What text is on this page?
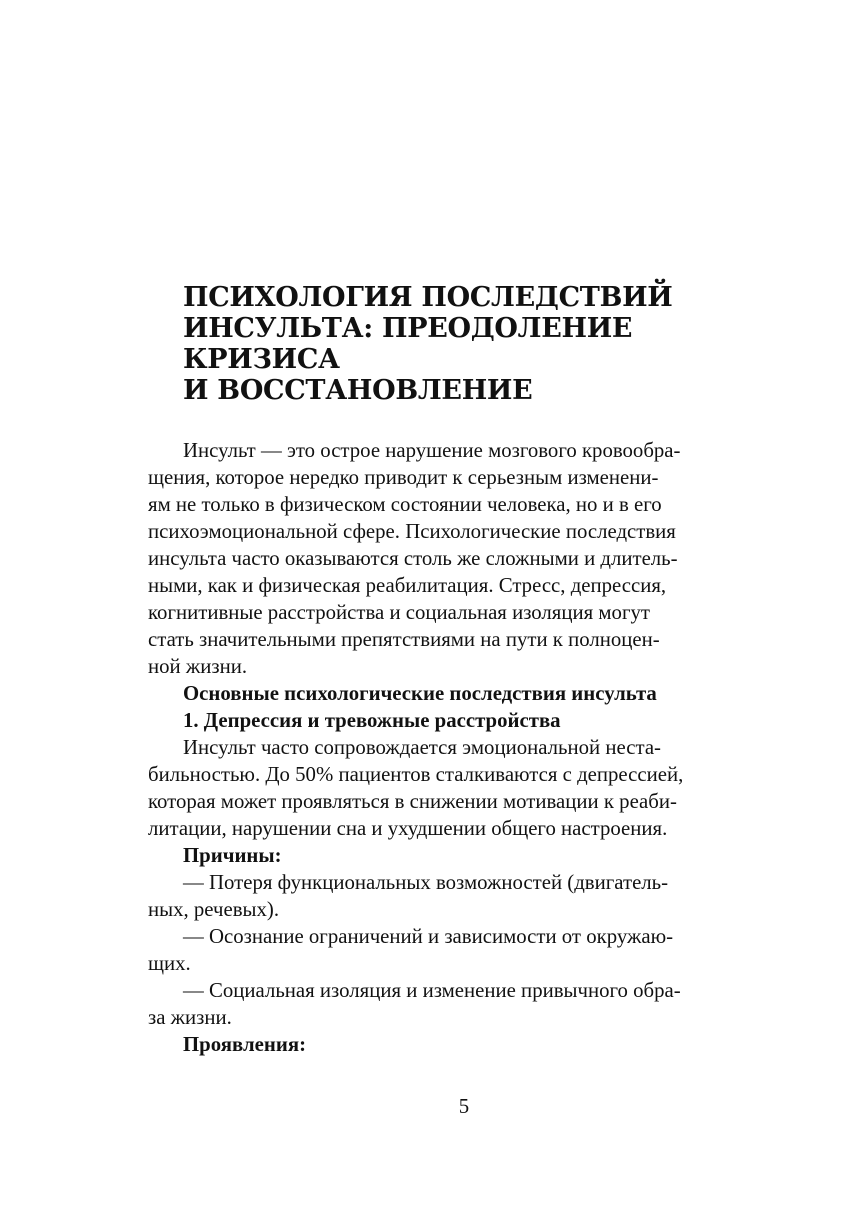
ПСИХОЛОГИЯ ПОСЛЕДСТВИЙ
ИНСУЛЬТА: ПРЕОДОЛЕНИЕ
КРИЗИСА
И ВОССТАНОВЛЕНИЕ
Инсульт — это острое нарушение мозгового кровообра-
щения, которое нередко приводит к серьезным изменени-
ям не только в физическом состоянии человека, но и в его
психоэмоциональной сфере. Психологические последствия
инсульта часто оказываются столь же сложными и длитель-
ными, как и физическая реабилитация. Стресс, депрессия,
когнитивные расстройства и социальная изоляция могут
стать значительными препятствиями на пути к полноцен-
ной жизни.
Основные психологические последствия инсульта
1. Депрессия и тревожные расстройства
Инсульт часто сопровождается эмоциональной неста-
бильностью. До 50% пациентов сталкиваются с депрессией,
которая может проявляться в снижении мотивации к реаби-
литации, нарушении сна и ухудшении общего настроения.
Причины:
— Потеря функциональных возможностей (двигатель-
ных, речевых).
— Осознание ограничений и зависимости от окружаю-
щих.
— Социальная изоляция и изменение привычного обра-
за жизни.
Проявления:
5
